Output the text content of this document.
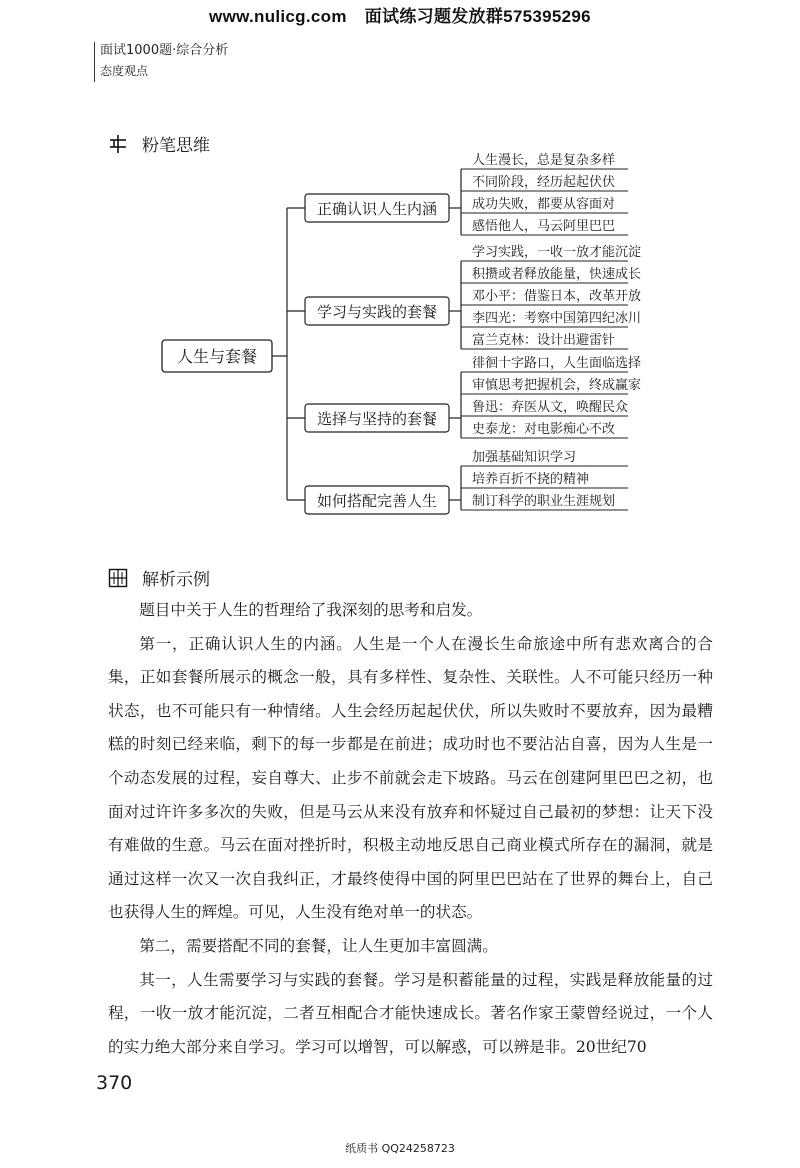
www.nulicg.com 面试练习题发放群575395296
面试1000题·综合分析
态度观点
粉笔思维
人生与套餐
正确认识人生内涵
人生漫长，总是复杂多样
不同阶段，经历起起伏伏
成功失败，都要从容面对
感悟他人，马云阿里巴巴
学习与实践的套餐
学习实践，一收一放才能沉淀
积攒或者释放能量，快速成长
邓小平：借鉴日本，改革开放
李四光：考察中国第四纪冰川
富兰克林：设计出避雷针
选择与坚持的套餐
徘徊十字路口，人生面临选择
审慎思考把握机会，终成赢家
鲁迅：弃医从文，唤醒民众
史泰龙：对电影痴心不改
如何搭配完善人生
加强基础知识学习
培养百折不挠的精神
制订科学的职业生涯规划
解析示例

题目中关于人生的哲理给了我深刻的思考和启发。

第一，正确认识人生的内涵。人生是一个人在漫长生命旅途中所有悲欢离合的合集，正如套餐所展示的概念一般，具有多样性、复杂性、关联性。人不可能只经历一种状态，也不可能只有一种情绪。人生会经历起起伏伏，所以失败时不要放弃，因为最糟糕的时刻已经来临，剩下的每一步都是在前进；成功时也不要沾沾自喜，因为人生是一个动态发展的过程，妄自尊大、止步不前就会走下坡路。马云在创建阿里巴巴之初，也面对过许许多多次的失败，但是马云从来没有放弃和怀疑过自己最初的梦想：让天下没有难做的生意。马云在面对挫折时，积极主动地反思自己商业模式所存在的漏洞，就是通过这样一次又一次自我纠正，才最终使得中国的阿里巴巴站在了世界的舞台上，自己也获得人生的辉煌。可见，人生没有绝对单一的状态。

第二，需要搭配不同的套餐，让人生更加丰富圆满。

其一，人生需要学习与实践的套餐。学习是积蓄能量的过程，实践是释放能量的过程，一收一放才能沉淀，二者互相配合才能快速成长。著名作家王蒙曾经说过，一个人的实力绝大部分来自学习。学习可以增智，可以解惑，可以辨是非。20世纪70

370
纸质书 QQ24258723
